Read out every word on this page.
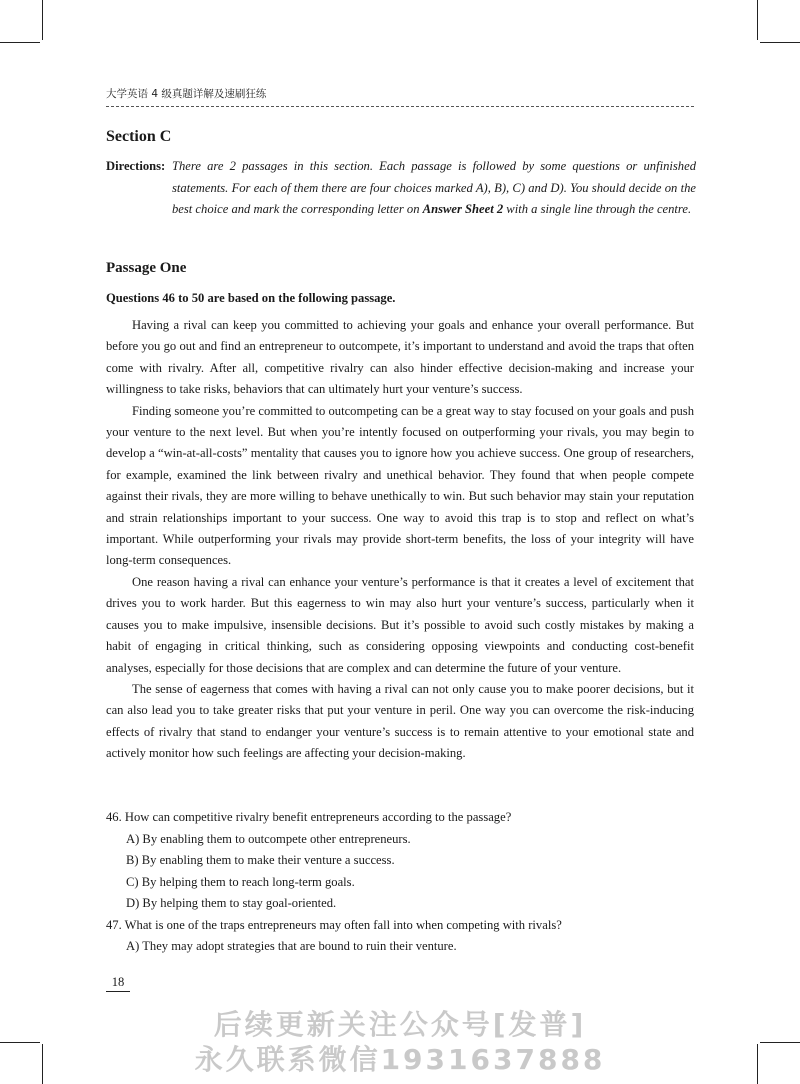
大学英语 4 级真题详解及速刷狂练
Section C
Directions: There are 2 passages in this section. Each passage is followed by some questions or unfinished statements. For each of them there are four choices marked A), B), C) and D). You should decide on the best choice and mark the corresponding letter on Answer Sheet 2 with a single line through the centre.
Passage One
Questions 46 to 50 are based on the following passage.

Having a rival can keep you committed to achieving your goals and enhance your overall performance. But before you go out and find an entrepreneur to outcompete, it’s important to understand and avoid the traps that often come with rivalry. After all, competitive rivalry can also hinder effective decision-making and increase your willingness to take risks, behaviors that can ultimately hurt your venture’s success.

Finding someone you’re committed to outcompeting can be a great way to stay focused on your goals and push your venture to the next level. But when you’re intently focused on outperforming your rivals, you may begin to develop a “win-at-all-costs” mentality that causes you to ignore how you achieve success. One group of researchers, for example, examined the link between rivalry and unethical behavior. They found that when people compete against their rivals, they are more willing to behave unethically to win. But such behavior may stain your reputation and strain relationships important to your success. One way to avoid this trap is to stop and reflect on what’s important. While outperforming your rivals may provide short-term benefits, the loss of your integrity will have long-term consequences.

One reason having a rival can enhance your venture’s performance is that it creates a level of excitement that drives you to work harder. But this eagerness to win may also hurt your venture’s success, particularly when it causes you to make impulsive, insensible decisions. But it’s possible to avoid such costly mistakes by making a habit of engaging in critical thinking, such as considering opposing viewpoints and conducting cost-benefit analyses, especially for those decisions that are complex and can determine the future of your venture.

The sense of eagerness that comes with having a rival can not only cause you to make poorer decisions, but it can also lead you to take greater risks that put your venture in peril. One way you can overcome the risk-inducing effects of rivalry that stand to endanger your venture’s success is to remain attentive to your emotional state and actively monitor how such feelings are affecting your decision-making.

46. How can competitive rivalry benefit entrepreneurs according to the passage?

A) By enabling them to outcompete other entrepreneurs.

B) By enabling them to make their venture a success.

C) By helping them to reach long-term goals.

D) By helping them to stay goal-oriented.

47. What is one of the traps entrepreneurs may often fall into when competing with rivals?

A) They may adopt strategies that are bound to ruin their venture.

18
后续更新关注公众号[发普]
永久联系微信1931637888
